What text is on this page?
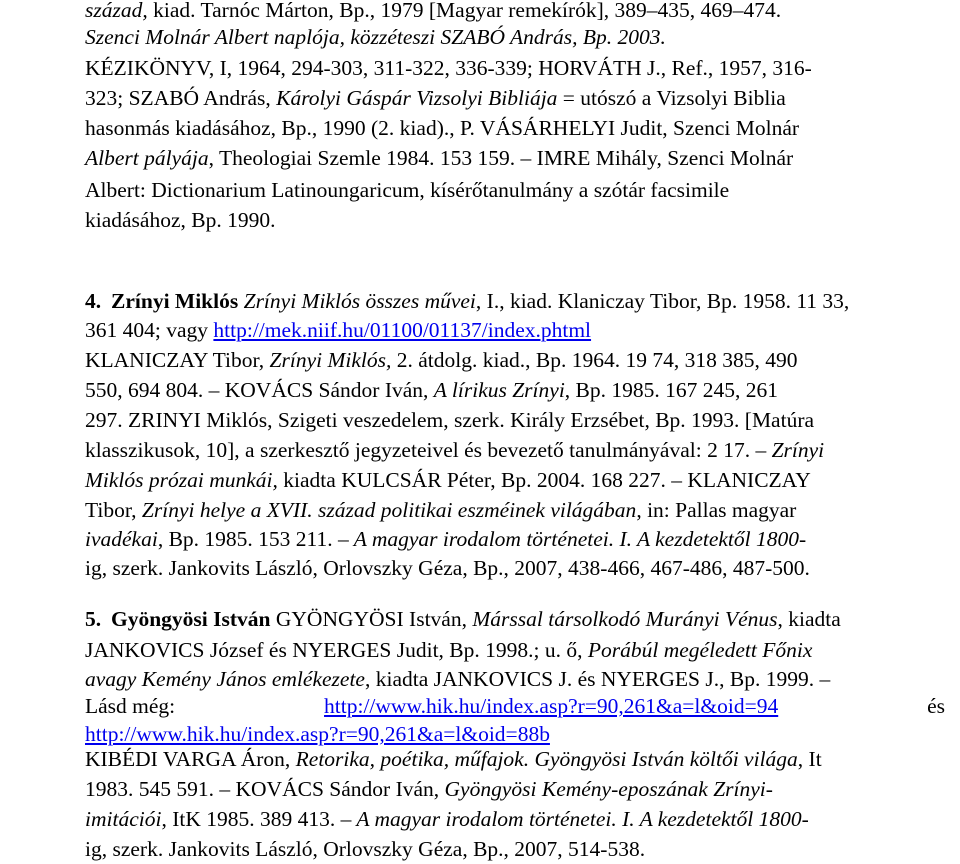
század, kiad. Tarnóc Márton, Bp., 1979 [Magyar remekírók], 389–435, 469–474.
Szenci Molnár Albert naplója, közzéteszi SZABÓ András, Bp. 2003.
KÉZIKÖNYV, I, 1964, 294-303, 311-322, 336-339; HORVÁTH J., Ref., 1957, 316-
323; SZABÓ András, Károlyi Gáspár Vizsolyi Bibliája = utószó a Vizsolyi Biblia
hasonmás kiadásához, Bp., 1990 (2. kiad)., P. VÁSÁRHELYI Judit, Szenci Molnár
Albert pályája, Theologiai Szemle 1984. 153 159. – IMRE Mihály, Szenci Molnár
Albert: Dictionarium Latinoungaricum, kísérőtanulmány a szótár facsimile
kiadásához, Bp. 1990.
4. Zrínyi Miklós Zrínyi Miklós összes művei, I., kiad. Klaniczay Tibor, Bp. 1958. 11 33,
361 404; vagy http://mek.niif.hu/01100/01137/index.phtml
KLANICZAY Tibor, Zrínyi Miklós, 2. átdolg. kiad., Bp. 1964. 19 74, 318 385, 490
550, 694 804. – KOVÁCS Sándor Iván, A lírikus Zrínyi, Bp. 1985. 167 245, 261
297. ZRINYI Miklós, Szigeti veszedelem, szerk. Király Erzsébet, Bp. 1993. [Matúra
klasszikusok, 10], a szerkesztő jegyzeteivel és bevezető tanulmányával: 2 17. – Zrínyi
Miklós prózai munkái, kiadta KULCSÁR Péter, Bp. 2004. 168 227. – KLANICZAY
Tibor, Zrínyi helye a XVII. század politikai eszméinek világában, in: Pallas magyar
ivadékai, Bp. 1985. 153 211. – A magyar irodalom történetei. I. A kezdetektől 1800-
ig, szerk. Jankovits László, Orlovszky Géza, Bp., 2007, 438-466, 467-486, 487-500.
5. Gyöngyösi István GYÖNGYÖSI István, Márssal társolkodó Murányi Vénus, kiadta
JANKOVICS József és NYERGES Judit, Bp. 1998.; u. ő, Porábúl megéledett Főnix
avagy Kemény János emlékezete, kiadta JANKOVICS J. és NYERGES J., Bp. 1999. –
Lásd még:	http://www.hik.hu/index.asp?r=90,261&a=l&oid=94	és
http://www.hik.hu/index.asp?r=90,261&a=l&oid=88b
KIBÉDI VARGA Áron, Retorika, poétika, műfajok. Gyöngyösi István költői világa, It
1983. 545 591. – KOVÁCS Sándor Iván, Gyöngyösi Kemény-eposzának Zrínyi-
imitációi, ItK 1985. 389 413. – A magyar irodalom történetei. I. A kezdetektől 1800-
ig, szerk. Jankovits László, Orlovszky Géza, Bp., 2007, 514-538.
